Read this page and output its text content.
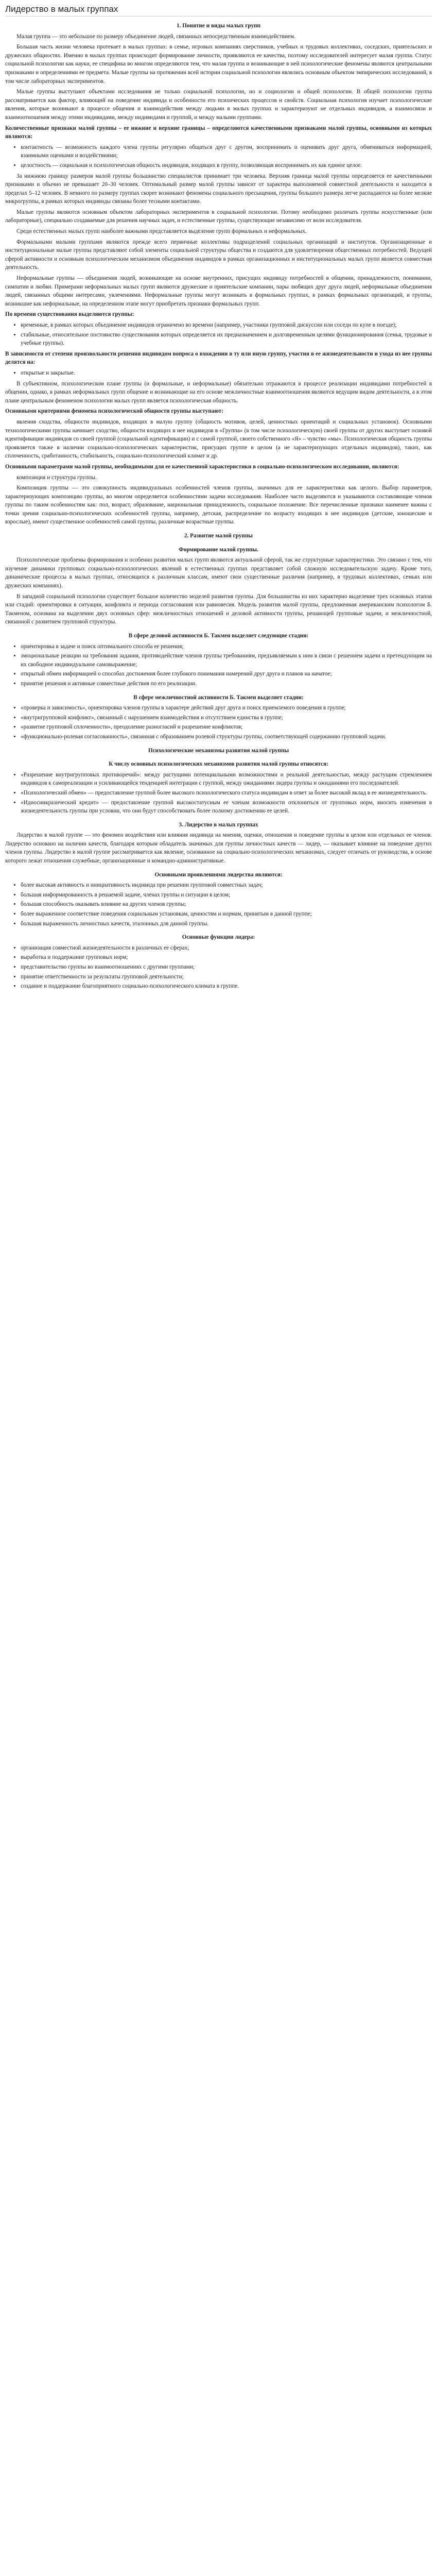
Лидерство в малых группах
1. Понятие и виды малых групп

Малая группа — это небольшое по размеру объединение людей, связанных непосредственным взаимодействием.

Большая часть жизни человека протекает в малых группах: в семье, игровых компаниях сверстников, учебных и трудовых коллективах, соседских, приятельских и дружеских общностях. Именно в малых группах происходит формирование личности, проявляются ее качества, поэтому исследователей интересует малая группа. Статус социальной психологии как науки, ее специфика во многом определяются тем, что малая группа и возникающие в ней психологические феномены являются центральными признаками и определениями ее предмета. Малые группы на протяжении всей истории социальной психологии являлись основным объектом эмпирических исследований, в том числе лабораторных экспериментов.

Малые группы выступают объектами исследования не только социальной психологии, но и социологии и общей психологии. В общей психологии группа рассматривается как фактор, влияющий на поведение индивида и особенности его психических процессов и свойств. Социальная психология изучает психологические явления, которые возникают в процессе общения и взаимодействия между людьми в малых группах и характеризуют не отдельных индивидов, а взаимосвязи и взаимоотношения между этими индивидами, между индивидами и группой, и между малыми группами.

Количественные признаки малой группы – ее нижние и верхние границы – определяются качественными признаками малой группы, основными из которых являются:

• контактность — возможность каждого члена группы регулярно общаться друг с другом, воспринимать и оценивать друг друга, обмениваться информацией, взаимными оценками и воздействиями;
• целостность — социальная и психологическая общность индивидов, входящих в группу, позволяющая воспринимать их как единое целое.

За нижнюю границу размеров малой группы большинство специалистов принимает три человека. Верхняя граница малой группы определяется ее качественными признаками и обычно не превышает 20–30 человек. Оптимальный размер малой группы зависит от характера выполняемой совместной деятельности и находится в пределах 5–12 человек. В немного по размеру группах скорее возникают феномены социального пресыщения, группы большого размера легче распадаются на более мелкие микрогруппы, в рамках которых индивиды связаны более тесными контактами.

Малые группы являются основным объектом лабораторных экспериментов в социальной психологии. Потому необходимо различать группы искусственные (или лабораторные), специально создаваемые для решения научных задач, и естественные группы, существующие независимо от воли исследователя.

Среди естественных малых групп наиболее важными представляется выделение групп формальных и неформальных.

Формальными малыми группами являются прежде всего первичные коллективы подразделений социальных организаций и институтов. Организационные и институциональные малые группы представляют собой элементы социальной структуры общества и создаются для удовлетворения общественных потребностей. Ведущей сферой активности и основным психологическим механизмом объединения индивидов в рамках организационных и институциональных малых групп является совместная деятельность.

Неформальные группы — объединения людей, возникающие на основе внутренних, присущих индивиду потребностей в общении, принадлежности, понимании, симпатии и любви. Примерами неформальных малых групп являются дружеские и приятельские компании, пары любящих друг друга людей, неформальные объединения людей, связанных общими интересами, увлечениями. Неформальные группы могут возникать в формальных группах, в рамках формальных организаций, и группы, возникшие как неформальные, на определенном этапе могут приобретать признаки формальных групп.

По времени существования выделяются группы:

• временные, в рамках которых объединение индивидов ограничено во времени (например, участники групповой дискуссии или соседи по купе в поезде);
• стабильные, относительное постоянство существования которых определяется их предназначением и долговременным целями функционирования (семья, трудовые и учебные группы).

В зависимости от степени произвольности решения индивидом вопроса о вхождении в ту или иную группу, участия в ее жизнедеятельности и ухода из нее группы делятся на:

• открытые и закрытые.

В субъективном, психологическом плане группы (и формальные, и неформальные) обязательно отражаются в процессе реализации индивидами потребностей в общении, однако, в рамках неформальных групп общение и возникающие на его основе межличностные взаимоотношения являются ведущим видом деятельности, а в этом плане центральным феноменом психологии малых групп является психологическая общность.

Основными критериями феномена психологической общности группы выступают:

явления сходства, общности индивидов, входящих в малую группу (общность мотивов, целей, ценностных ориентаций и социальных установок). Основными технологическими группы начинает сходство, общности входящих в нее индивидов в «Группа» (в том числе психологическую) своей группы от других выступает основой идентификации индивидов со своей группой (социальной идентификации) и с самой группой, своего собственного «Я» – чувство «мы». Психологическая общность группы проявляется также в наличии социально-психологических характеристик, присущих группе в целом (а не характеризующих отдельных индивидов), таких, как сплоченность, сработанность, стабильность, социально-психологический климат и др.

Основными параметрами малой группы, необходимыми для ее качественной характеристики в социально-психологическом исследовании, являются:

композиция и структура группы.

Композиция группы — это совокупность индивидуальных особенностей членов группы, значимых для ее характеристики как целого. Выбор параметров, характеризующих композицию группы, во многом определяется особенностями задачи исследования. Наиболее часто выделяются и указываются составляющие членов группы по таким особенностям как: пол, возраст, образование, национальная принадлежность, социальное положение. Все перечисленные признаки наименее важны с точки зрения социально-психологических особенностей группы, например, детская, распределение по возрасту входящих в нее индивидов (детские, юношеские и взрослые), имеют существенное особенностей самой группы, различные возрастные группы.

2. Развитие малой группы
Формирование малой группы.

Психологические проблемы формирования и особенно развития малых групп являются актуальной сферой, так же структурные характеристики. Это связано с тем, что изучение динамики групповых социально-психологических явлений в естественных группах представляет собой сложную исследовательскую задачу. Кроме того, динамические процессы в малых группах, относящихся к различным классам, имеют свои существенные различия (например, в трудовых коллективах, семьях или дружеских компаниях).

В западной социальной психологии существует большое количество моделей развития группы. Для большинства из них характерно выделение трех основных этапов или стадий: ориентировки в ситуации, конфликта и периода согласования или равновесия. Модель развития малой группы, предложенная американским психологом Б. Такменом, основана на выделении двух основных сфер: межличностных отношений и деловой активности группы, решающей групповые задачи, и межличностной, связанной с развитием групповой структуры.

В сфере деловой активности Б. Такмен выделяет следующие стадии:
• ориентировка в задаче и поиск оптимального способа ее решения;
• эмоциональные реакции на требования задания, противодействие членов группы требованиям, предъявляемым к ним в связи с решением задачи и претендующим на их свободное индивидуальное самовыражение;
• открытый обмен информацией о способах достижения более глубокого понимания намерений друг друга и планов на начатое;
• принятие решения и активные совместные действия по его реализации.
В сфере межличностной активности Б. Такмен выделяет стадии:
• «проверка и зависимость», ориентировка членов группы в характере действий друг друга и поиск приемлемого поведения в группе;
• «внутригрупповой конфликт», связанный с нарушением взаимодействия и отсутствием единства в группе;
• «развитие групповой сплоченности», преодоление разногласий и разрешение конфликтов;
• «функционально-ролевая согласованность», связанная с образованием ролевой структуры группы, соответствующей содержанию групповой задачи.
Психологические механизмы развития малой группы
К числу основных психологических механизмов развития малой группы относятся:
• «Разрешение внутригрупповых противоречий»: между растущими потенциальными возможностями и реальной деятельностью, между растущим стремлением индивидов к самореализации и усиливающейся тенденцией интеграции с группой, между ожиданиями лидера группы и ожиданиями его последователей.
• «Психологический обмен» — предоставление группой более высокого психологического статуса индивидам в ответ за более высокий вклад в ее жизнедеятельность.
• «Идиосинкразический кредит» — предоставление группой высокостатусным ее членам возможности отклониться от групповых норм, вносить изменения в жизнедеятельность группы при условии, что они будут способствовать более полному достижению ее целей.
3. Лидерство в малых группах

Лидерство в малой группе — это феномен воздействия или влияния индивида на мнения, оценки, отношения и поведение группы в целом или отдельных ее членов. Лидерство основано на наличии качеств, благодаря которым обладатель значимых для группы личностных качеств — лидер, — оказывает влияние на поведение других членов группы. Лидерство в малой группе рассматривается как явление, основанное на социально-психологических механизмах, следует отличать от руководства, в основе которого лежат отношения служебные, организационные и командно-административные.

Основными проявлениями лидерства являются:
• более высокая активность и инициативность индивида при решении групповой совместных задач;
• большая информированность в решаемой задаче, членах группы и ситуации в целом;
• большая способность оказывать влияние на других членов группы;
• более выраженное соответствие поведения социальным установкам, ценностям и нормам, принятым в данной группе;
• большая выраженность личностных качеств, эталонных для данной группы.
Основные функции лидера:
• организация совместной жизнедеятельности в различных ее сферах;
• выработка и поддержание групповых норм;
• представительство группы во взаимоотношениях с другими группами;
• принятие ответственности за результаты групповой деятельности;
• создание и поддержание благоприятного социально-психологического климата в группе.
